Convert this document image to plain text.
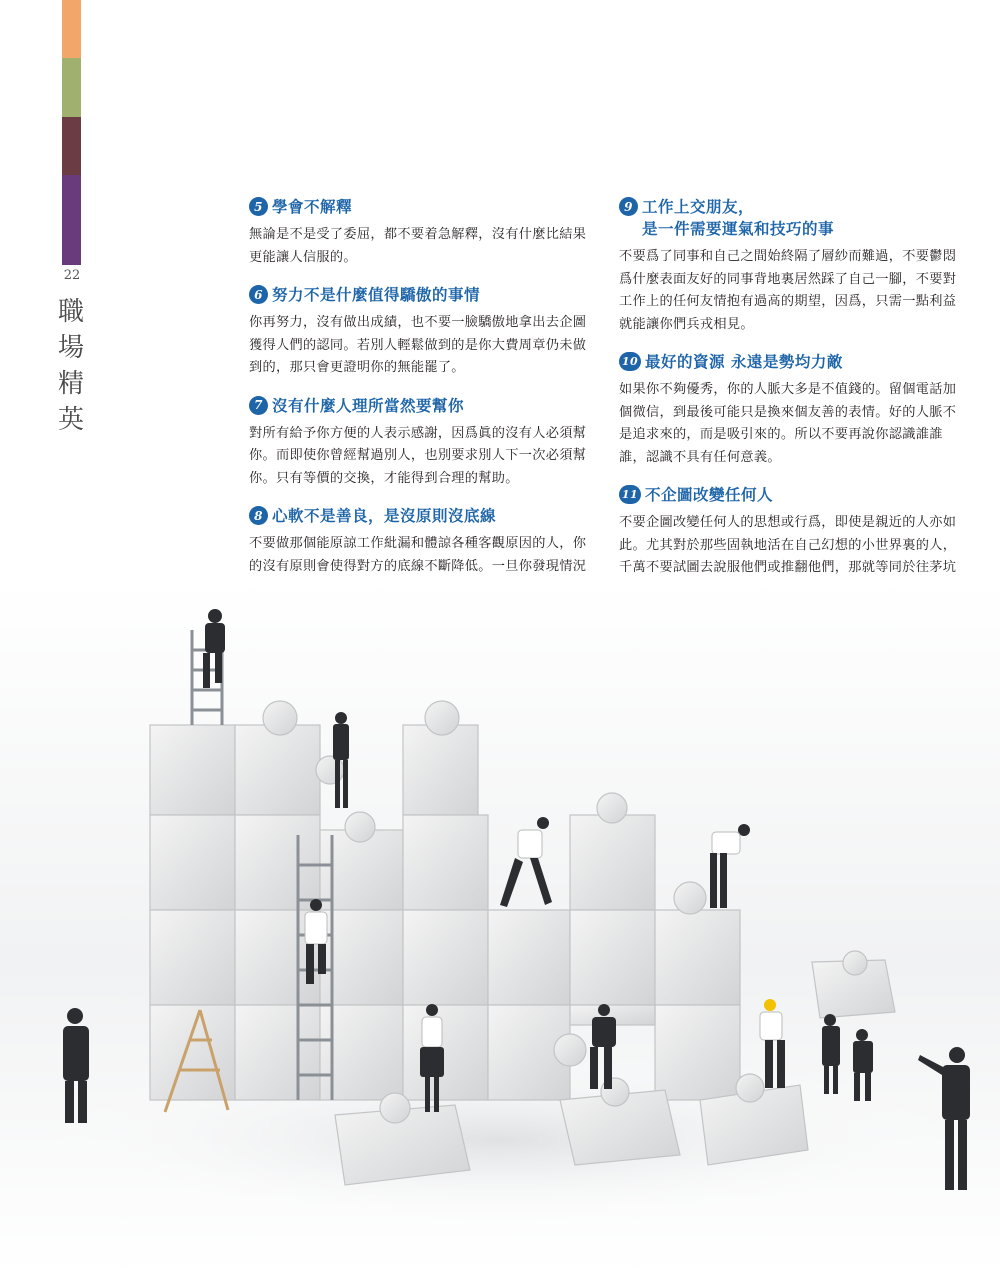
22
職
場
精
英
5 學會不解釋
無論是不是受了委屈，都不要着急解釋，沒有什麼比結果
更能讓人信服的。
6 努力不是什麼值得驕傲的事情
你再努力，沒有做出成績，也不要一臉驕傲地拿出去企圖
獲得人們的認同。若別人輕鬆做到的是你大費周章仍未做
到的，那只會更證明你的無能罷了。
7 沒有什麼人理所當然要幫你
對所有給予你方便的人表示感謝，因爲眞的沒有人必須幫
你。而即使你曾經幫過別人，也別要求別人下一次必須幫
你。只有等價的交換，才能得到合理的幫助。
8 心軟不是善良，是沒原則沒底線
不要做那個能原諒工作紕漏和體諒各種客觀原因的人，你
的沒有原則會使得對方的底線不斷降低。一旦你發現情況
9 工作上交朋友，
是一件需要運氣和技巧的事
不要爲了同事和自己之間始終隔了層紗而難過，不要鬱悶
爲什麼表面友好的同事背地裏居然踩了自己一腳，不要對
工作上的任何友情抱有過高的期望，因爲，只需一點利益
就能讓你們兵戎相見。
10 最好的資源 永遠是勢均力敵
如果你不夠優秀，你的人脈大多是不值錢的。留個電話加
個微信，到最後可能只是換來個友善的表情。好的人脈不
是追求來的，而是吸引來的。所以不要再說你認識誰誰
誰，認識不具有任何意義。
11 不企圖改變任何人
不要企圖改變任何人的思想或行爲，即使是親近的人亦如
此。尤其對於那些固執地活在自己幻想的小世界裏的人，
千萬不要試圖去說服他們或推翻他們，那就等同於往茅坑
